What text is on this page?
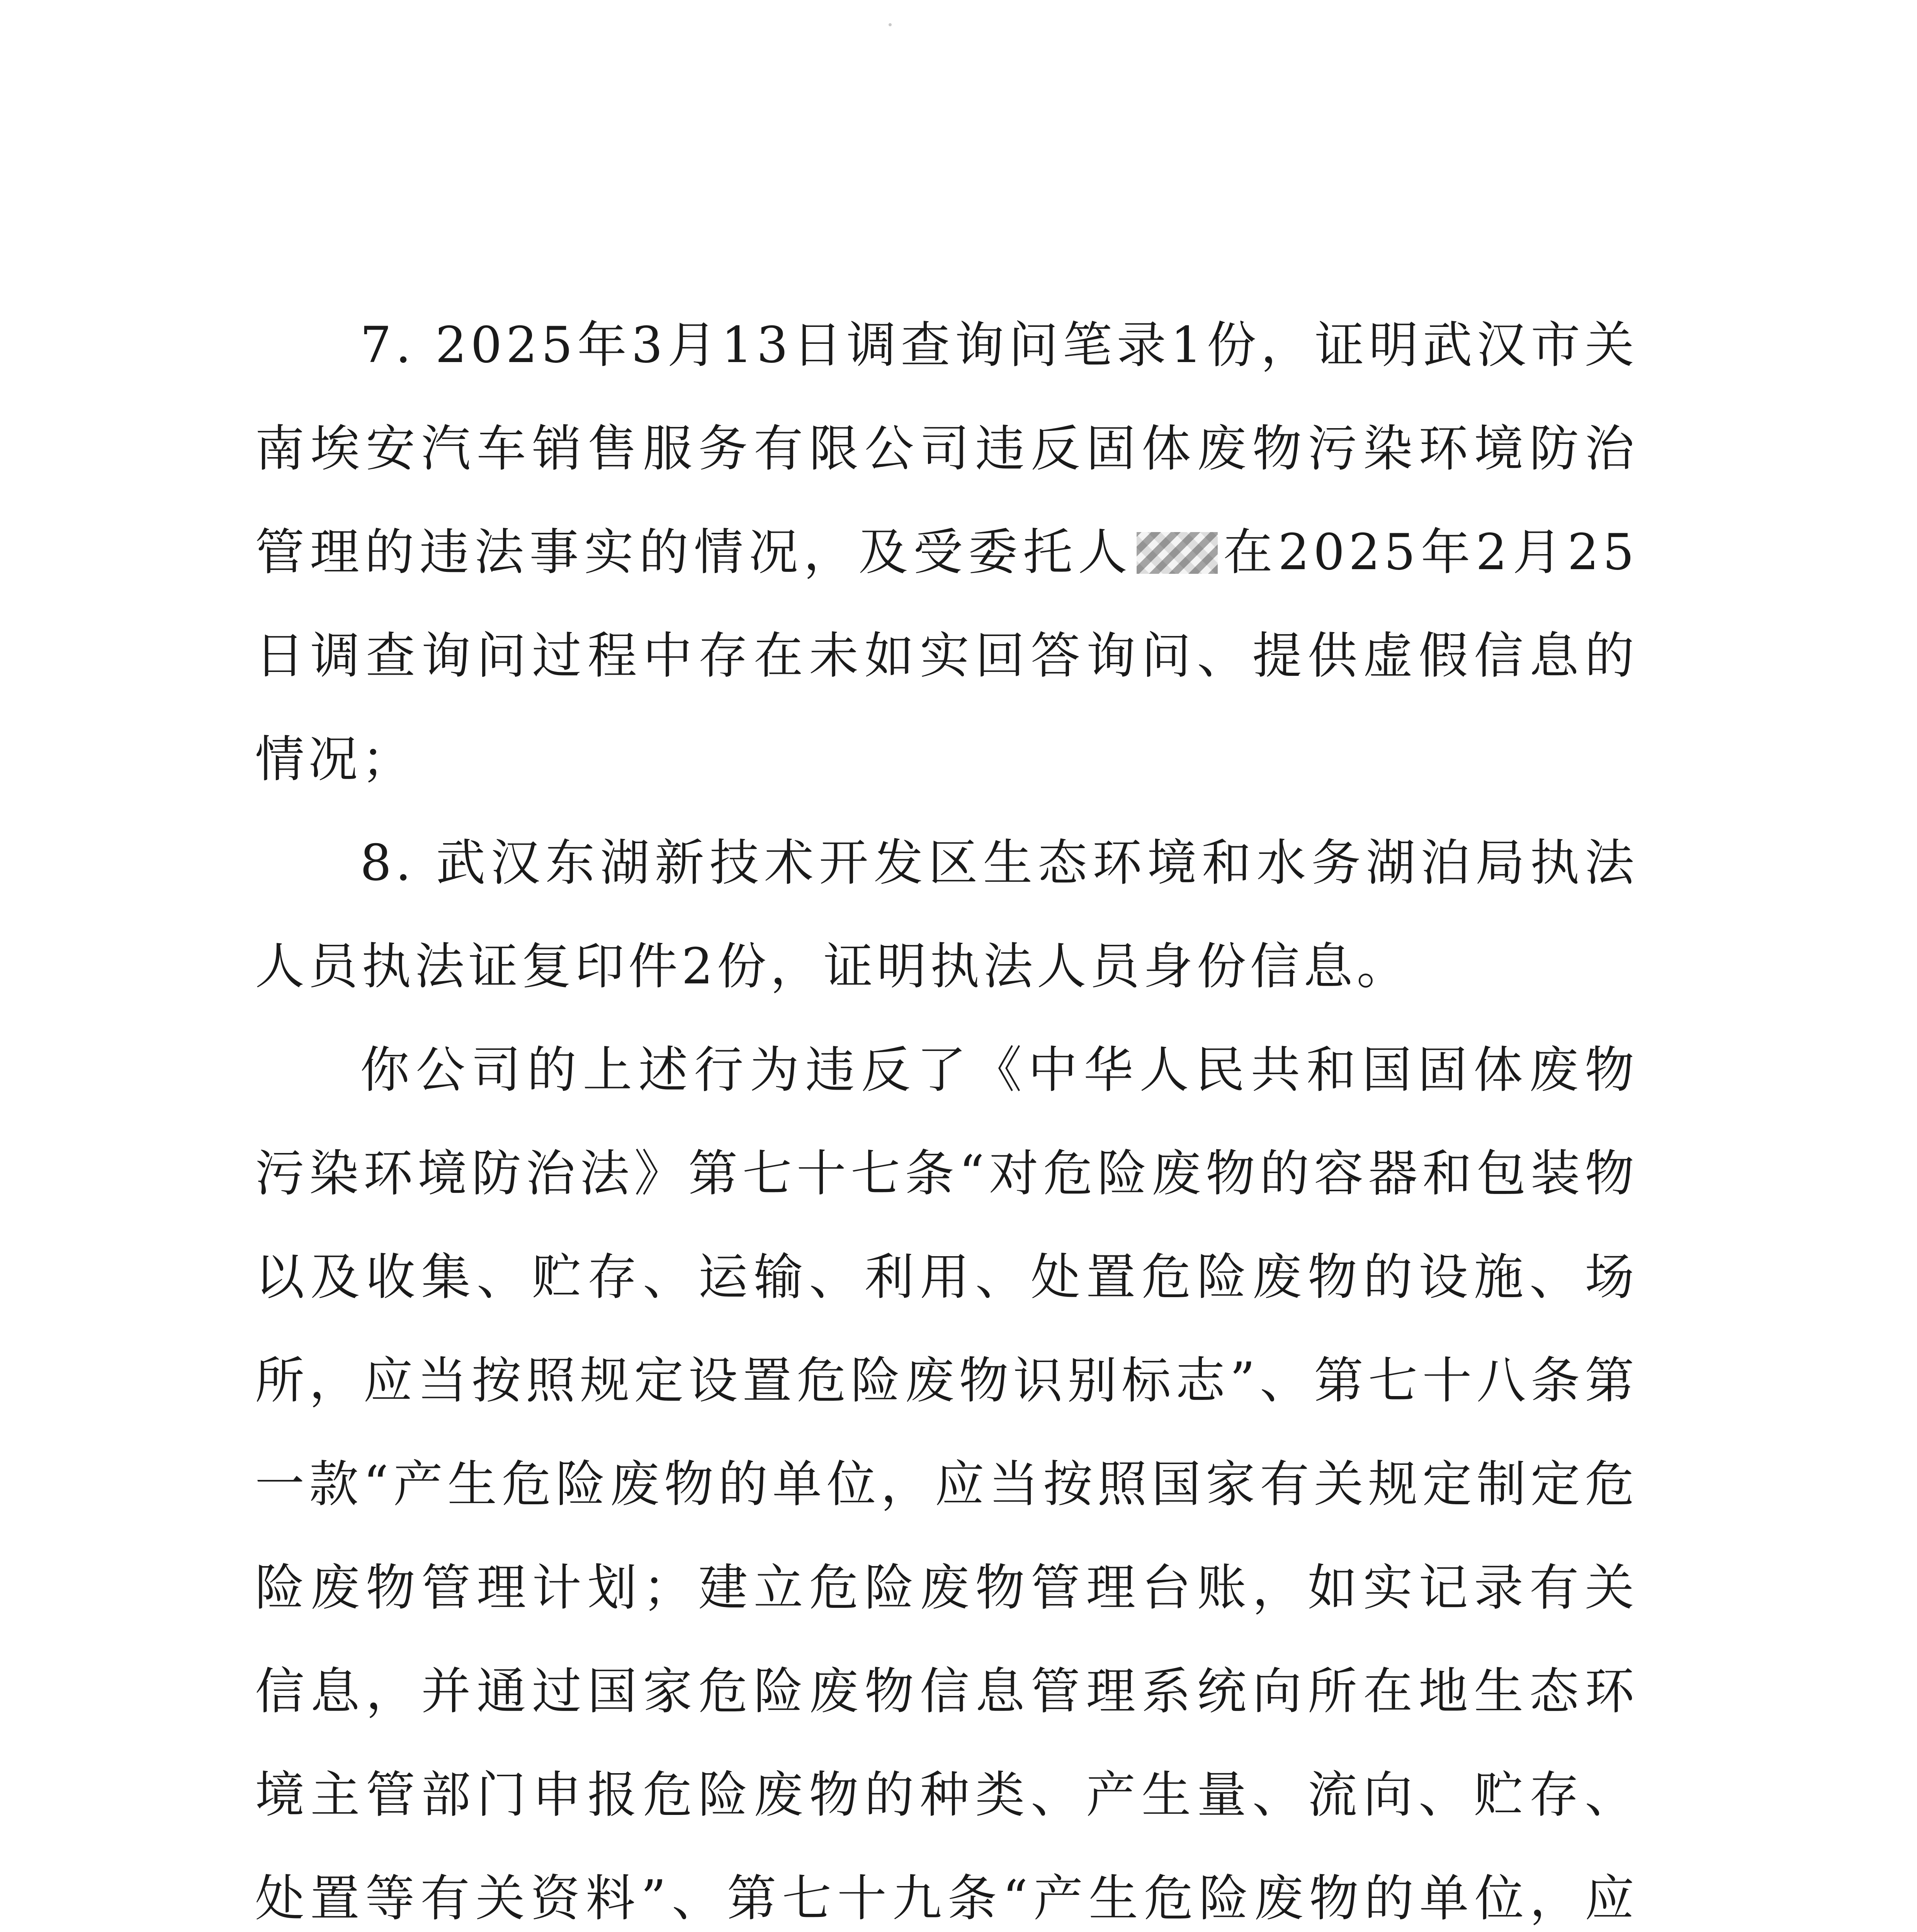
7. 2025年3月13日调查询问笔录1份，证明武汉市关南埃安汽车销售服务有限公司违反固体废物污染环境防治管理的违法事实的情况，及受委托人 在2025年2月25日调查询问过程中存在未如实回答询问、提供虚假信息的情况；

8. 武汉东湖新技术开发区生态环境和水务湖泊局执法人员执法证复印件2份，证明执法人员身份信息。

你公司的上述行为违反了《中华人民共和国固体废物污染环境防治法》第七十七条“对危险废物的容器和包装物以及收集、贮存、运输、利用、处置危险废物的设施、场所，应当按照规定设置危险废物识别标志”、第七十八条第一款“产生危险废物的单位，应当按照国家有关规定制定危险废物管理计划；建立危险废物管理台账，如实记录有关信息，并通过国家危险废物信息管理系统向所在地生态环境主管部门申报危险废物的种类、产生量、流向、贮存、处置等有关资料”、第七十九条“产生危险废物的单位，应
